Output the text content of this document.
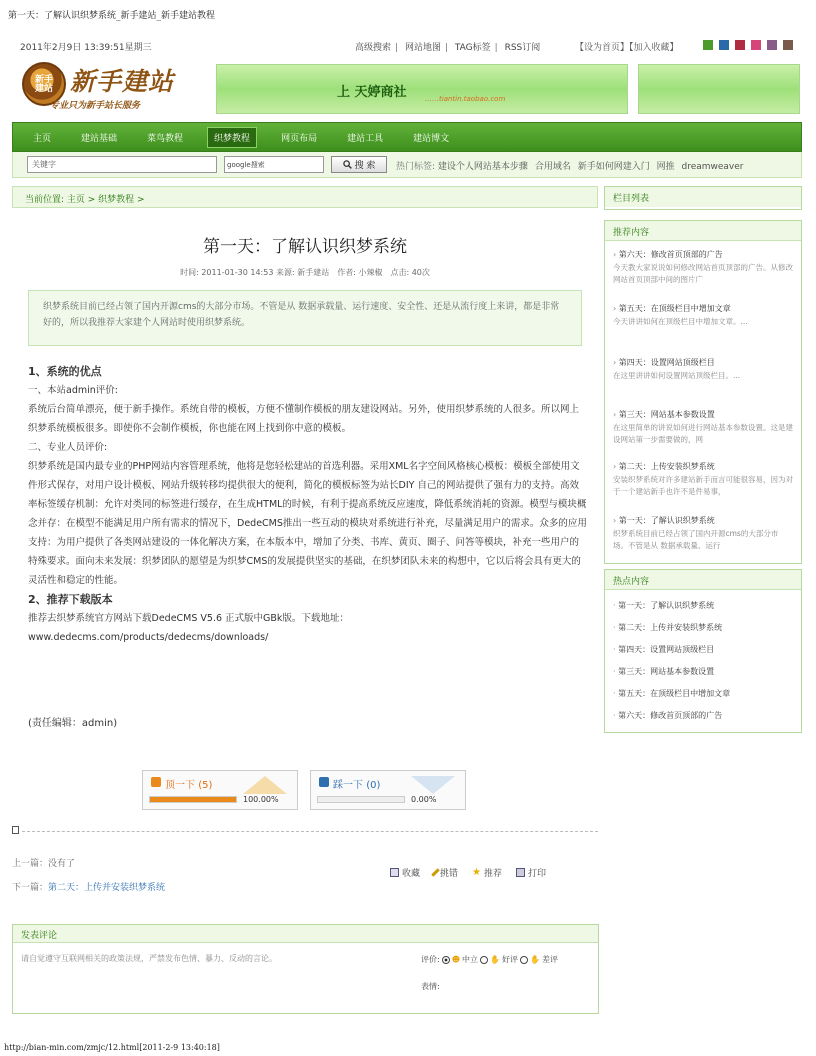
第一天：了解认识织梦系统_新手建站_新手建站教程
2011年2月9日 13:39:51星期三	高级搜索 | 网站地图 | TAG标签 | RSS订阅	【设为首页】【加入收藏】
新手建站 新手建站
专业只为新手站长服务
上 天婷商社	……tiantin.taobao.com
主页	建站基础	菜鸟教程	织梦教程	网页布局	建站工具	建站博文
关键字	google搜索	搜 索 热门标签: 建设个人网站基本步骤 合用域名 新手如何网建入门 网推 dreamweaver
当前位置: 主页 > 织梦教程 >
第一天：了解认识织梦系统
时间: 2011-01-30 14:53 来源: 新手建站　作者: 小辣椒　点击: 40次
织梦系统目前已经占领了国内开源cms的大部分市场。不管是从 数据承载量、运行速度、安全性、还是从流行度上来讲，都是非常好的，所以我推荐大家建个人网站时使用织梦系统。
1、系统的优点
一、本站admin评价:
系统后台简单漂亮，便于新手操作。系统自带的模板，方便不懂制作模板的朋友建设网站。另外，使用织梦系统的人很多。所以网上织梦系统模板很多。即使你不会制作模板，你也能在网上找到你中意的模板。
二、专业人员评价:
织梦系统是国内最专业的PHP网站内容管理系统，他将是您轻松建站的首选利器。采用XML名字空间风格核心模板：模板全部使用文件形式保存，对用户设计模板、网站升级转移均提供很大的便利，简化的模板标签为站长DIY 自己的网站提供了强有力的支持。高效率标签缓存机制：允许对类同的标签进行缓存，在生成HTML的时候，有利于提高系统反应速度，降低系统消耗的资源。模型与模块概念并存：在模型不能满足用户所有需求的情况下，DedeCMS推出一些互动的模块对系统进行补充，尽量满足用户的需求。众多的应用支持：为用户提供了各类网站建设的一体化解决方案，在本版本中，增加了分类、书库、黄页、圈子、问答等模块，补充一些用户的特殊要求。面向未来发展：织梦团队的愿望是为织梦CMS的发展提供坚实的基础，在织梦团队未来的构想中，它以后将会具有更大的灵活性和稳定的性能。
2、推荐下载版本
推荐去织梦系统官方网站下载DedeCMS V5.6 正式版中GBk版。下载地址：www.dedecms.com/products/dedecms/downloads/
(责任编辑：admin)
顶一下 (5)
100.00%
踩一下 (0)
0.00%
上一篇：没有了
下一篇：第二天：上传并安装织梦系统
收藏 挑错 ★ 推荐	打印
发表评论
请自觉遵守互联网相关的政策法规，严禁发布色情、暴力、反动的言论。	评价: ☻ 中立 ✋ 好评 ✋ 差评
表情:
栏目列表
推荐内容
› 第六天：修改首页顶部的广告
今天教大家说说如何修改网站首页顶部的广告。从修改网站首页顶部中间的图片广
› 第五天：在顶级栏目中增加文章
今天讲讲如何在顶级栏目中增加文章。...
› 第四天：设置网站顶级栏目
在这里讲讲如何设置网站顶级栏目。...
› 第三天：网站基本参数设置
在这里简单的讲说如何进行网站基本参数设置。这是建设网站第一步需要做的，网
› 第二天：上传安装织梦系统
安装织梦系统对许多建站新手而言可能很容易，因为对于一个建站新手也许不是件易事，
› 第一天：了解认识织梦系统
织梦系统目前已经占领了国内开源cms的大部分市场。不管是从 数据承载量、运行
热点内容
· 第一天：了解认识织梦系统
· 第二天：上传并安装织梦系统
· 第四天：设置网站顶级栏目
· 第三天：网站基本参数设置
· 第五天：在顶级栏目中增加文章
· 第六天：修改首页顶部的广告
http://bian-min.com/zmjc/12.html[2011-2-9 13:40:18]
